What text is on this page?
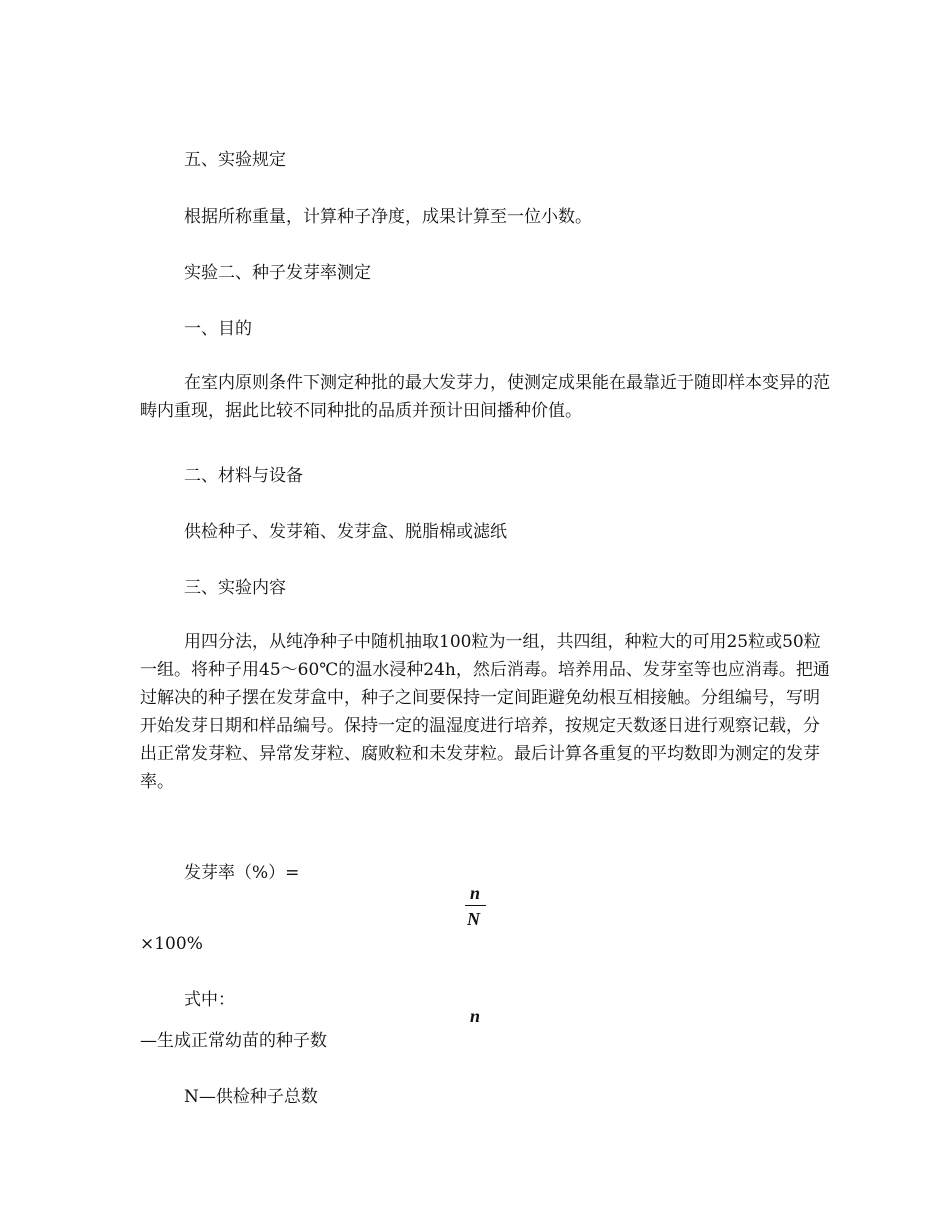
五、实验规定

根据所称重量，计算种子净度，成果计算至一位小数。

实验二、种子发芽率测定

一、目的

在室内原则条件下测定种批的最大发芽力，使测定成果能在最靠近于随即样本变异的范畴内重现，据此比较不同种批的品质并预计田间播种价值。

二、材料与设备

供检种子、发芽箱、发芽盒、脱脂棉或滤纸

三、实验内容

用四分法，从纯净种子中随机抽取100粒为一组，共四组，种粒大的可用25粒或50粒一组。将种子用45～60℃的温水浸种24h，然后消毒。培养用品、发芽室等也应消毒。把通过解决的种子摆在发芽盒中，种子之间要保持一定间距避免幼根互相接触。分组编号，写明开始发芽日期和样品编号。保持一定的温湿度进行培养，按规定天数逐日进行观察记载，分出正常发芽粒、异常发芽粒、腐败粒和未发芽粒。最后计算各重复的平均数即为测定的发芽率。

发芽率（%）=

n
N

×100%

式中：

n

—生成正常幼苗的种子数

N—供检种子总数
